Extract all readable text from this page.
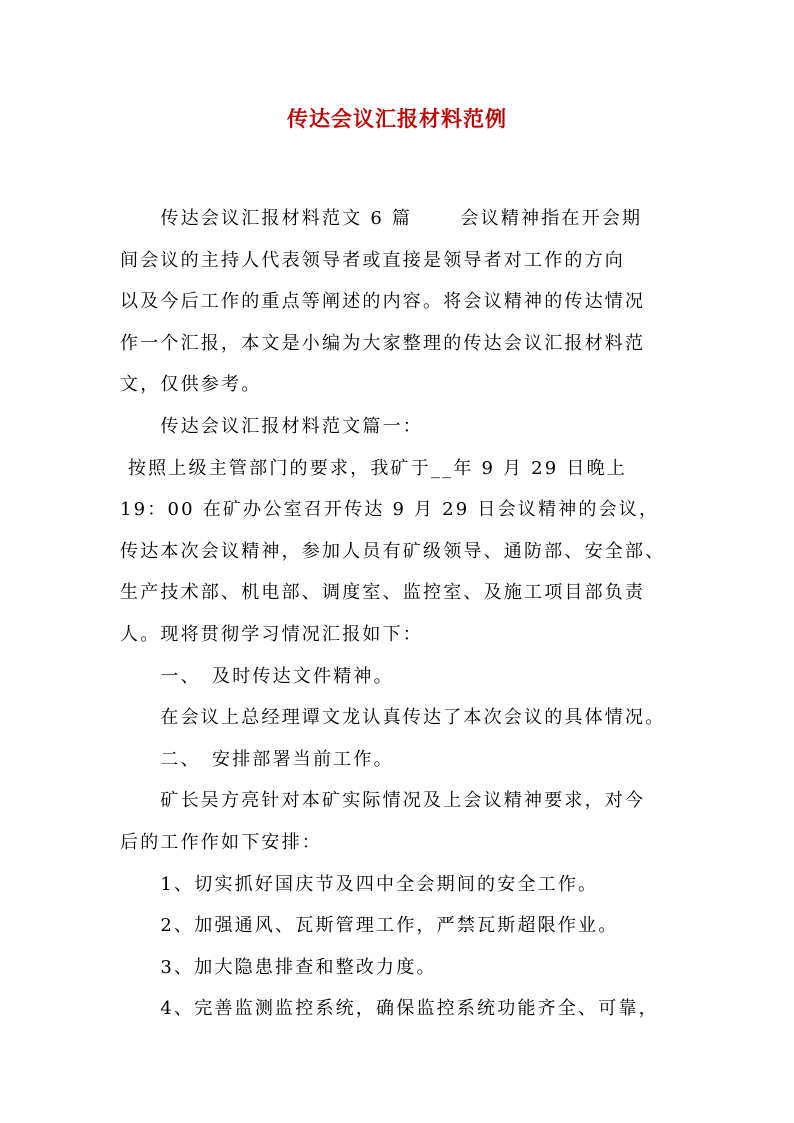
传达会议汇报材料范例
　　传达会议汇报材料范文 6 篇　　 会议精神指在开会期
间会议的主持人代表领导者或直接是领导者对工作的方向
以及今后工作的重点等阐述的内容。将会议精神的传达情况
作一个汇报，本文是小编为大家整理的传达会议汇报材料范
文，仅供参考。
　　传达会议汇报材料范文篇一：
按照上级主管部门的要求，我矿于__年 9 月 29 日晚上
19：00 在矿办公室召开传达 9 月 29 日会议精神的会议，
传达本次会议精神，参加人员有矿级领导、通防部、安全部、
生产技术部、机电部、调度室、监控室、及施工项目部负责
人。现将贯彻学习情况汇报如下：
　　一、　及时传达文件精神。
　　在会议上总经理谭文龙认真传达了本次会议的具体情况。
　　二、　安排部署当前工作。
　　矿长吴方亮针对本矿实际情况及上会议精神要求，对今
后的工作作如下安排：
　　1、切实抓好国庆节及四中全会期间的安全工作。
　　2、加强通风、瓦斯管理工作，严禁瓦斯超限作业。
　　3、加大隐患排查和整改力度。
　　4、完善监测监控系统，确保监控系统功能齐全、可靠，
